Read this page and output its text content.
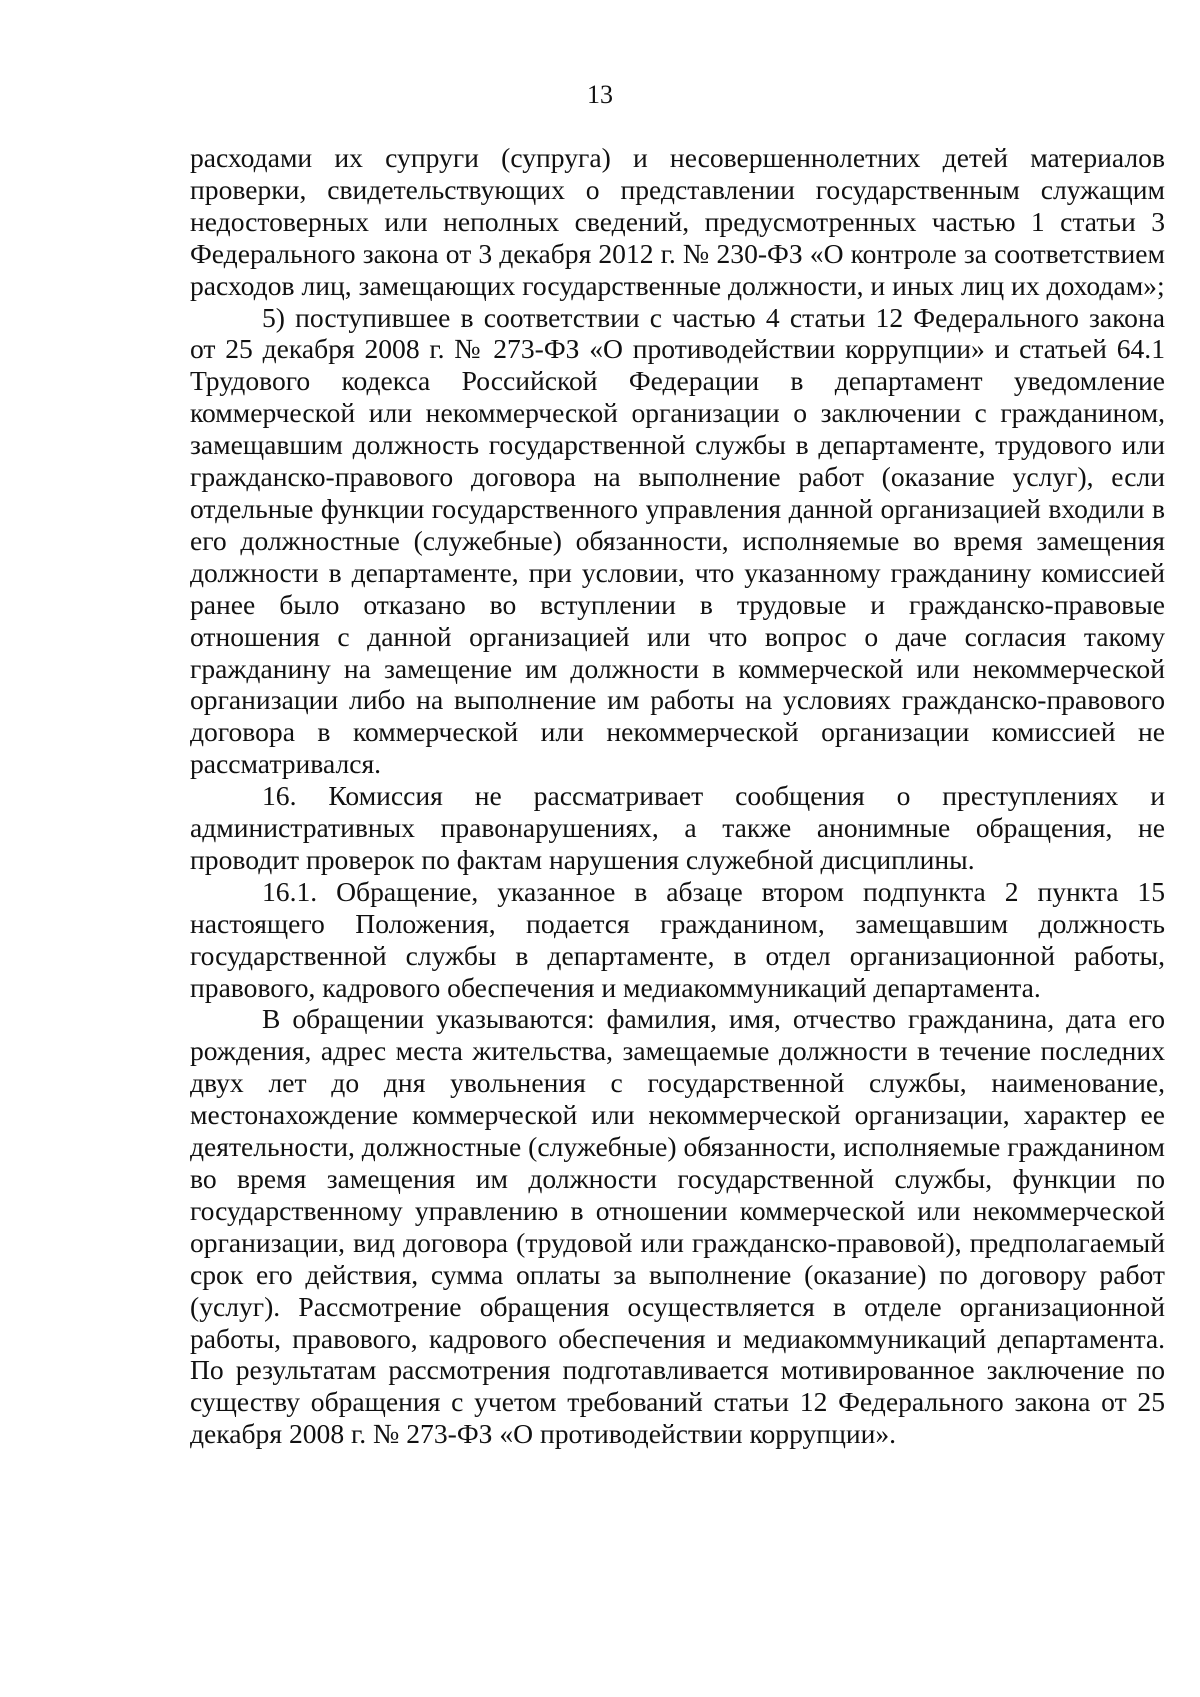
13

расходами их супруги (супруга) и несовершеннолетних детей материалов проверки, свидетельствующих о представлении государственным служащим недостоверных или неполных сведений, предусмотренных частью 1 статьи 3 Федерального закона от 3 декабря 2012 г. № 230-ФЗ «О контроле за соответствием расходов лиц, замещающих государственные должности, и иных лиц их доходам»;

5) поступившее в соответствии с частью 4 статьи 12 Федерального закона от 25 декабря 2008 г. № 273-ФЗ «О противодействии коррупции» и статьей 64.1 Трудового кодекса Российской Федерации в департамент уведомление коммерческой или некоммерческой организации о заключении с гражданином, замещавшим должность государственной службы в департаменте, трудового или гражданско-правового договора на выполнение работ (оказание услуг), если отдельные функции государственного управления данной организацией входили в его должностные (служебные) обязанности, исполняемые во время замещения должности в департаменте, при условии, что указанному гражданину комиссией ранее было отказано во вступлении в трудовые и гражданско-правовые отношения с данной организацией или что вопрос о даче согласия такому гражданину на замещение им должности в коммерческой или некоммерческой организации либо на выполнение им работы на условиях гражданско-правового договора в коммерческой или некоммерческой организации комиссией не рассматривался.

16. Комиссия не рассматривает сообщения о преступлениях и административных правонарушениях, а также анонимные обращения, не проводит проверок по фактам нарушения служебной дисциплины.

16.1. Обращение, указанное в абзаце втором подпункта 2 пункта 15 настоящего Положения, подается гражданином, замещавшим должность государственной службы в департаменте, в отдел организационной работы, правового, кадрового обеспечения и медиакоммуникаций департамента.

В обращении указываются: фамилия, имя, отчество гражданина, дата его рождения, адрес места жительства, замещаемые должности в течение последних двух лет до дня увольнения с государственной службы, наименование, местонахождение коммерческой или некоммерческой организации, характер ее деятельности, должностные (служебные) обязанности, исполняемые гражданином во время замещения им должности государственной службы, функции по государственному управлению в отношении коммерческой или некоммерческой организации, вид договора (трудовой или гражданско-правовой), предполагаемый срок его действия, сумма оплаты за выполнение (оказание) по договору работ (услуг). Рассмотрение обращения осуществляется в отделе организационной работы, правового, кадрового обеспечения и медиакоммуникаций департамента. По результатам рассмотрения подготавливается мотивированное заключение по существу обращения с учетом требований статьи 12 Федерального закона от 25 декабря 2008 г. № 273-ФЗ «О противодействии коррупции».
